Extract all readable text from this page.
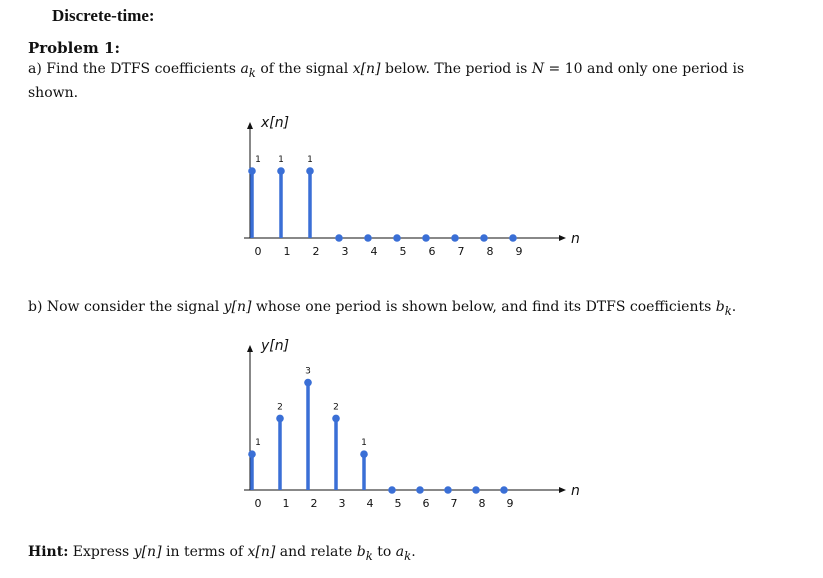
Discrete-time:
Problem 1:
a) Find the DTFS coefficients $a_k$ of the signal x[n] below. The period is N = 10 and only one period is
shown.
x[n]
n
1
0
1
1
1
2 3 4 5 6 7 8 9
b) Now consider the signal y[n] whose one period is shown below, and find its DTFS coefficients $b_k$.
y[n]
n
1
0
2
1
3
2
2
3
1
4 5 6 7 8 9
Hint: Express y[n] in terms of x[n] and relate $b_k$ to $a_k$.
